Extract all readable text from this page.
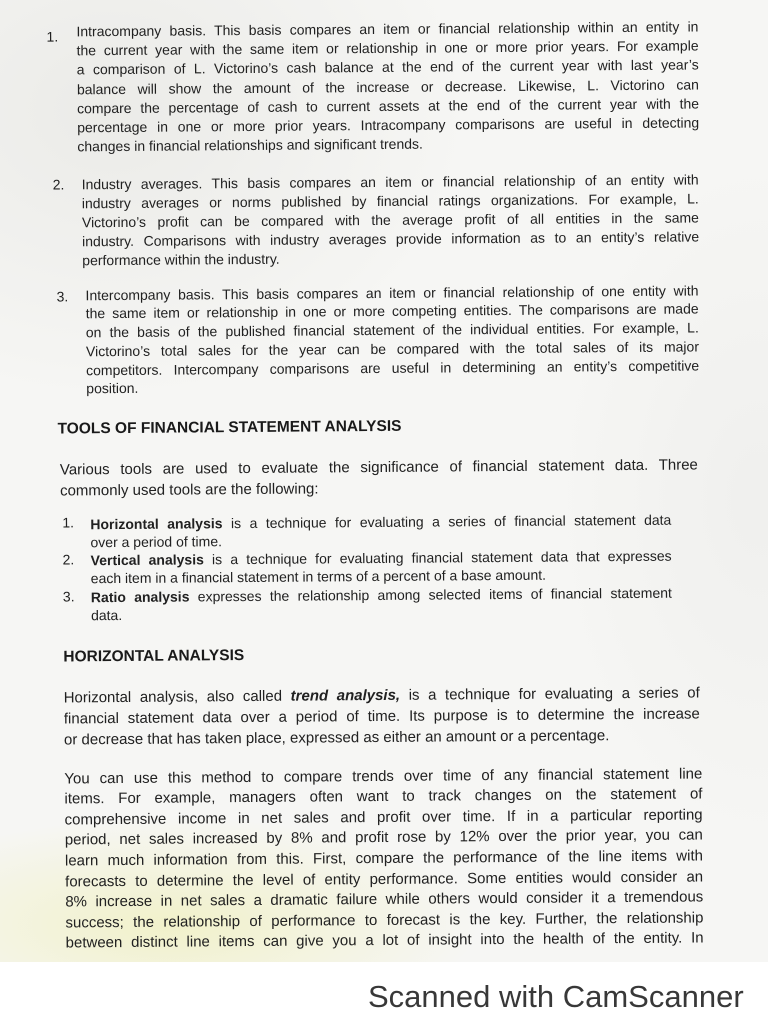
1. Intracompany basis. This basis compares an item or financial relationship within an entity in
the current year with the same item or relationship in one or more prior years. For example
a comparison of L. Victorino’s cash balance at the end of the current year with last year’s
balance will show the amount of the increase or decrease. Likewise, L. Victorino can
compare the percentage of cash to current assets at the end of the current year with the
percentage in one or more prior years. Intracompany comparisons are useful in detecting
changes in financial relationships and significant trends.
2. Industry averages. This basis compares an item or financial relationship of an entity with
industry averages or norms published by financial ratings organizations. For example, L.
Victorino’s profit can be compared with the average profit of all entities in the same
industry. Comparisons with industry averages provide information as to an entity’s relative
performance within the industry.
3. Intercompany basis. This basis compares an item or financial relationship of one entity with
the same item or relationship in one or more competing entities. The comparisons are made
on the basis of the published financial statement of the individual entities. For example, L.
Victorino’s total sales for the year can be compared with the total sales of its major
competitors. Intercompany comparisons are useful in determining an entity’s competitive
position.
TOOLS OF FINANCIAL STATEMENT ANALYSIS
Various tools are used to evaluate the significance of financial statement data. Three
commonly used tools are the following:
1. Horizontal analysis is a technique for evaluating a series of financial statement data
over a period of time.
2. Vertical analysis is a technique for evaluating financial statement data that expresses
each item in a financial statement in terms of a percent of a base amount.
3. Ratio analysis expresses the relationship among selected items of financial statement
data.
HORIZONTAL ANALYSIS
Horizontal analysis, also called trend analysis, is a technique for evaluating a series of
financial statement data over a period of time. Its purpose is to determine the increase
or decrease that has taken place, expressed as either an amount or a percentage.
You can use this method to compare trends over time of any financial statement line
items. For example, managers often want to track changes on the statement of
comprehensive income in net sales and profit over time. If in a particular reporting
period, net sales increased by 8% and profit rose by 12% over the prior year, you can
learn much information from this. First, compare the performance of the line items with
forecasts to determine the level of entity performance. Some entities would consider an
8% increase in net sales a dramatic failure while others would consider it a tremendous
success; the relationship of performance to forecast is the key. Further, the relationship
between distinct line items can give you a lot of insight into the health of the entity. In
Scanned with CamScanner
